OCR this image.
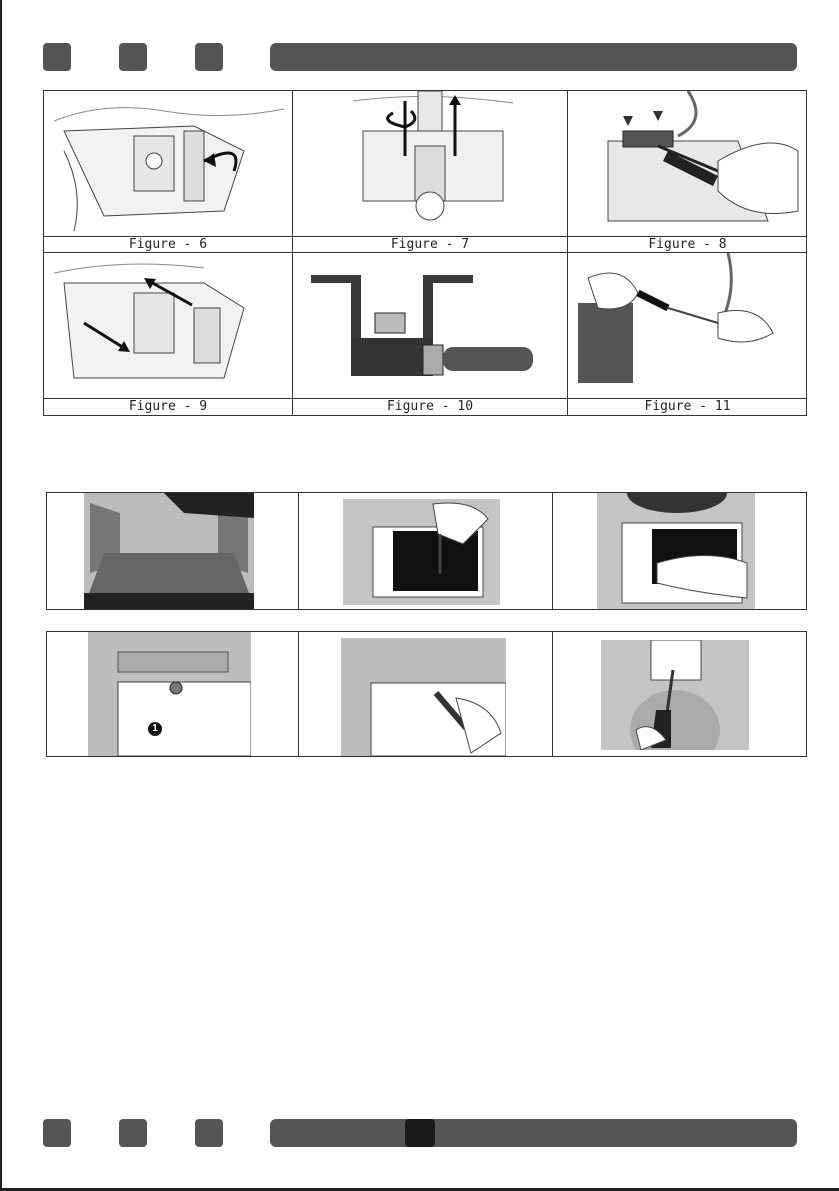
Figure - 6	Figure - 7	Figure - 8
Figure - 9	Figure - 10	Figure - 11
1
